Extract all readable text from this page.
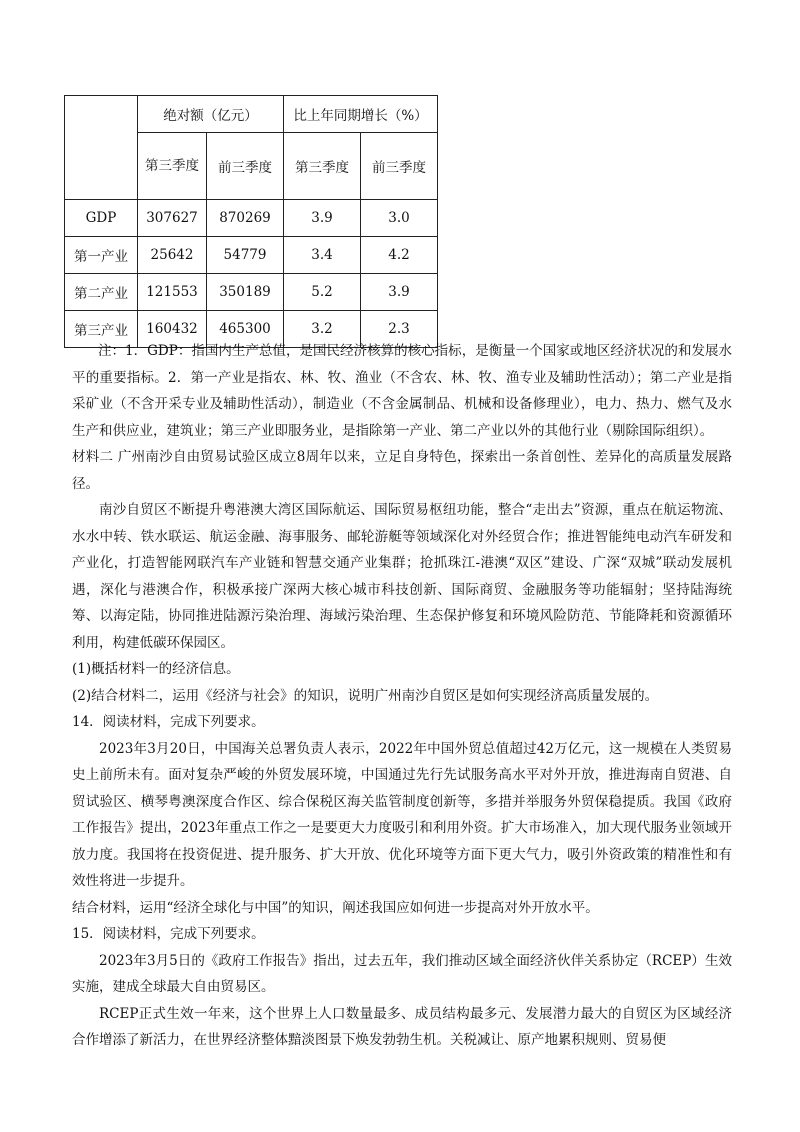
	绝对额（亿元）		比上年同期增长（%）	
	第三季度	前三季度	第三季度	前三季度
GDP	307627	870269	3.9	3.0
第一产业	25642	54779	3.4	4.2
第二产业	121553	350189	5.2	3.9
第三产业	160432	465300	3.2	2.3

注：1．GDP：指国内生产总值，是国民经济核算的核心指标，是衡量一个国家或地区经济状况的和发展水平的重要指标。2．第一产业是指农、林、牧、渔业（不含农、林、牧、渔专业及辅助性活动）；第二产业是指采矿业（不含开采专业及辅助性活动），制造业（不含金属制品、机械和设备修理业），电力、热力、燃气及水生产和供应业，建筑业；第三产业即服务业，是指除第一产业、第二产业以外的其他行业（剔除国际组织）。

材料二 广州南沙自由贸易试验区成立8周年以来，立足自身特色，探索出一条首创性、差异化的高质量发展路径。

南沙自贸区不断提升粤港澳大湾区国际航运、国际贸易枢纽功能，整合“走出去”资源，重点在航运物流、水水中转、铁水联运、航运金融、海事服务、邮轮游艇等领域深化对外经贸合作；推进智能纯电动汽车研发和产业化，打造智能网联汽车产业链和智慧交通产业集群；抢抓珠江-港澳“双区”建设、广深“双城”联动发展机遇，深化与港澳合作，积极承接广深两大核心城市科技创新、国际商贸、金融服务等功能辐射；坚持陆海统筹、以海定陆，协同推进陆源污染治理、海域污染治理、生态保护修复和环境风险防范、节能降耗和资源循环利用，构建低碳环保园区。

(1)概括材料一的经济信息。

(2)结合材料二，运用《经济与社会》的知识，说明广州南沙自贸区是如何实现经济高质量发展的。

14．阅读材料，完成下列要求。

2023年3月20日，中国海关总署负责人表示，2022年中国外贸总值超过42万亿元，这一规模在人类贸易史上前所未有。面对复杂严峻的外贸发展环境，中国通过先行先试服务高水平对外开放，推进海南自贸港、自贸试验区、横琴粤澳深度合作区、综合保税区海关监管制度创新等，多措并举服务外贸保稳提质。我国《政府工作报告》提出，2023年重点工作之一是要更大力度吸引和利用外资。扩大市场准入，加大现代服务业领域开放力度。我国将在投资促进、提升服务、扩大开放、优化环境等方面下更大气力，吸引外资政策的精准性和有效性将进一步提升。

结合材料，运用“经济全球化与中国”的知识，阐述我国应如何进一步提高对外开放水平。

15．阅读材料，完成下列要求。

2023年3月5日的《政府工作报告》指出，过去五年，我们推动区域全面经济伙伴关系协定（RCEP）生效实施，建成全球最大自由贸易区。

RCEP正式生效一年来，这个世界上人口数量最多、成员结构最多元、发展潜力最大的自贸区为区域经济合作增添了新活力，在世界经济整体黯淡图景下焕发勃勃生机。关税减让、原产地累积规则、贸易便
